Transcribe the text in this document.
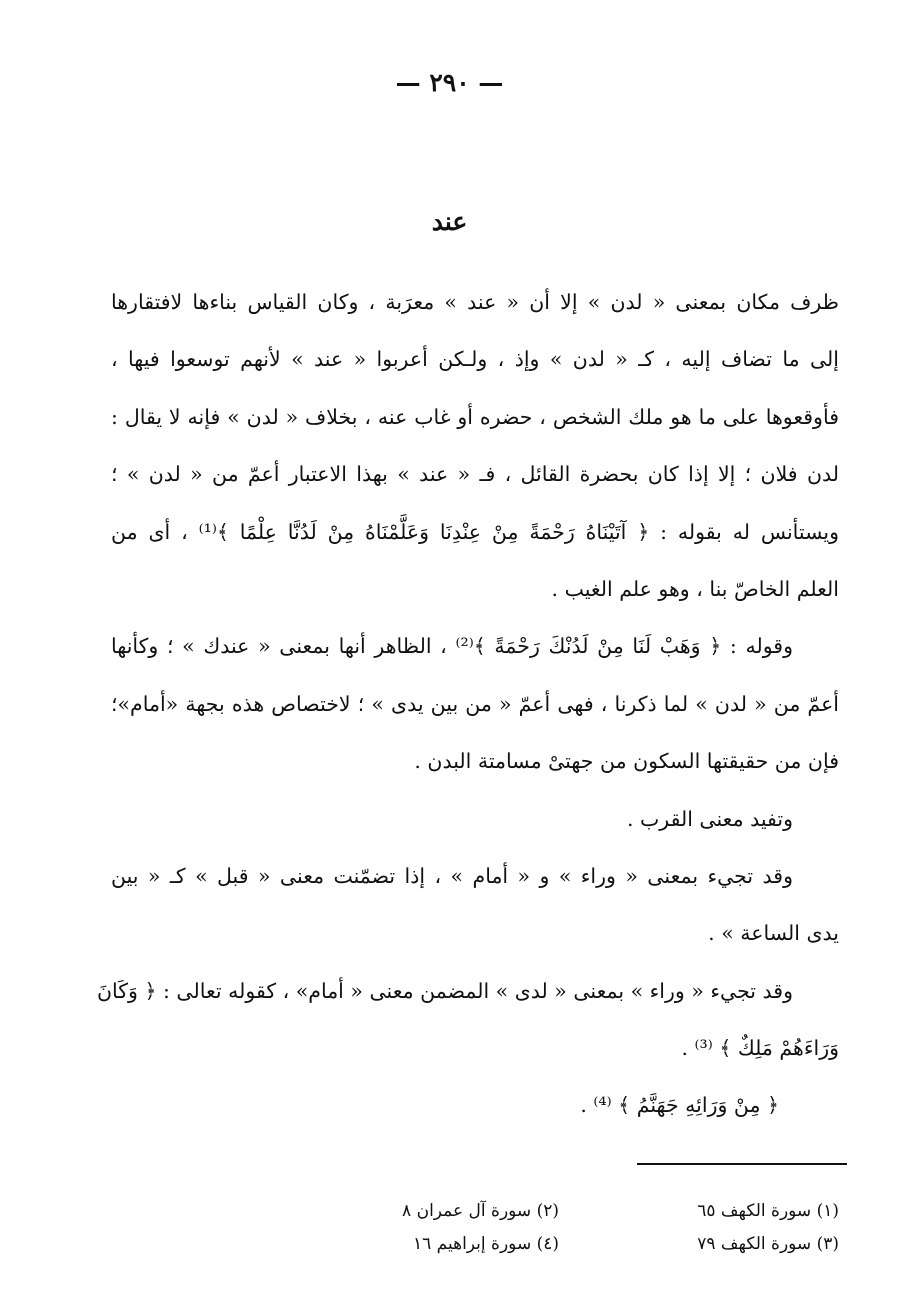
— ٢٩٠ —
عند
ظرف مكان بمعنى « لدن » إلا أن « عند » معرَبة ، وكان القياس بناءها لافتقارها
إلى ما تضاف إليه ، كـ « لدن » وإذ ، ولـكن أعربوا « عند » لأنهم توسعوا فيها ،
فأوقعوها على ما هو ملك الشخص ، حضره أو غاب عنه ، بخلاف « لدن » فإنه لا يقال :
لدن فلان ؛ إلا إذا كان بحضرة القائل ، فـ « عند » بهذا الاعتبار أعمّ من « لدن » ؛
ويستأنس له بقوله : ﴿ آتَيْنَاهُ رَحْمَةً مِنْ عِنْدِنَا وَعَلَّمْنَاهُ مِنْ لَدُنَّا عِلْمًا ﴾⁽¹⁾ ، أى من
العلم الخاصّ بنا ، وهو علم الغيب .
وقوله : ﴿ وَهَبْ لَنَا مِنْ لَدُنْكَ رَحْمَةً ﴾⁽²⁾ ، الظاهر أنها بمعنى « عندك » ؛ وكأنها
أعمّ من « لدن » لما ذكرنا ، فهى أعمّ « من بين يدى » ؛ لاختصاص هذه بجهة «أمام»؛
فإن من حقيقتها السكون من جهتىْ مسامتة البدن .
وتفيد معنى القرب .
وقد تجيء بمعنى « وراء » و « أمام » ، إذا تضمّنت معنى « قبل » كـ « بين
يدى الساعة » .
وقد تجيء « وراء » بمعنى « لدى » المضمن معنى « أمام» ، كقوله تعالى : ﴿ وَكَانَ
وَرَاءَهُمْ مَلِكٌ ﴾ ⁽³⁾ .
﴿ مِنْ وَرَائِهِ جَهَنَّمُ ﴾ ⁽⁴⁾ .
(١) سورة الكهف ٦٥
(٢) سورة آل عمران ٨
(٣) سورة الكهف ٧٩
(٤) سورة إبراهيم ١٦
